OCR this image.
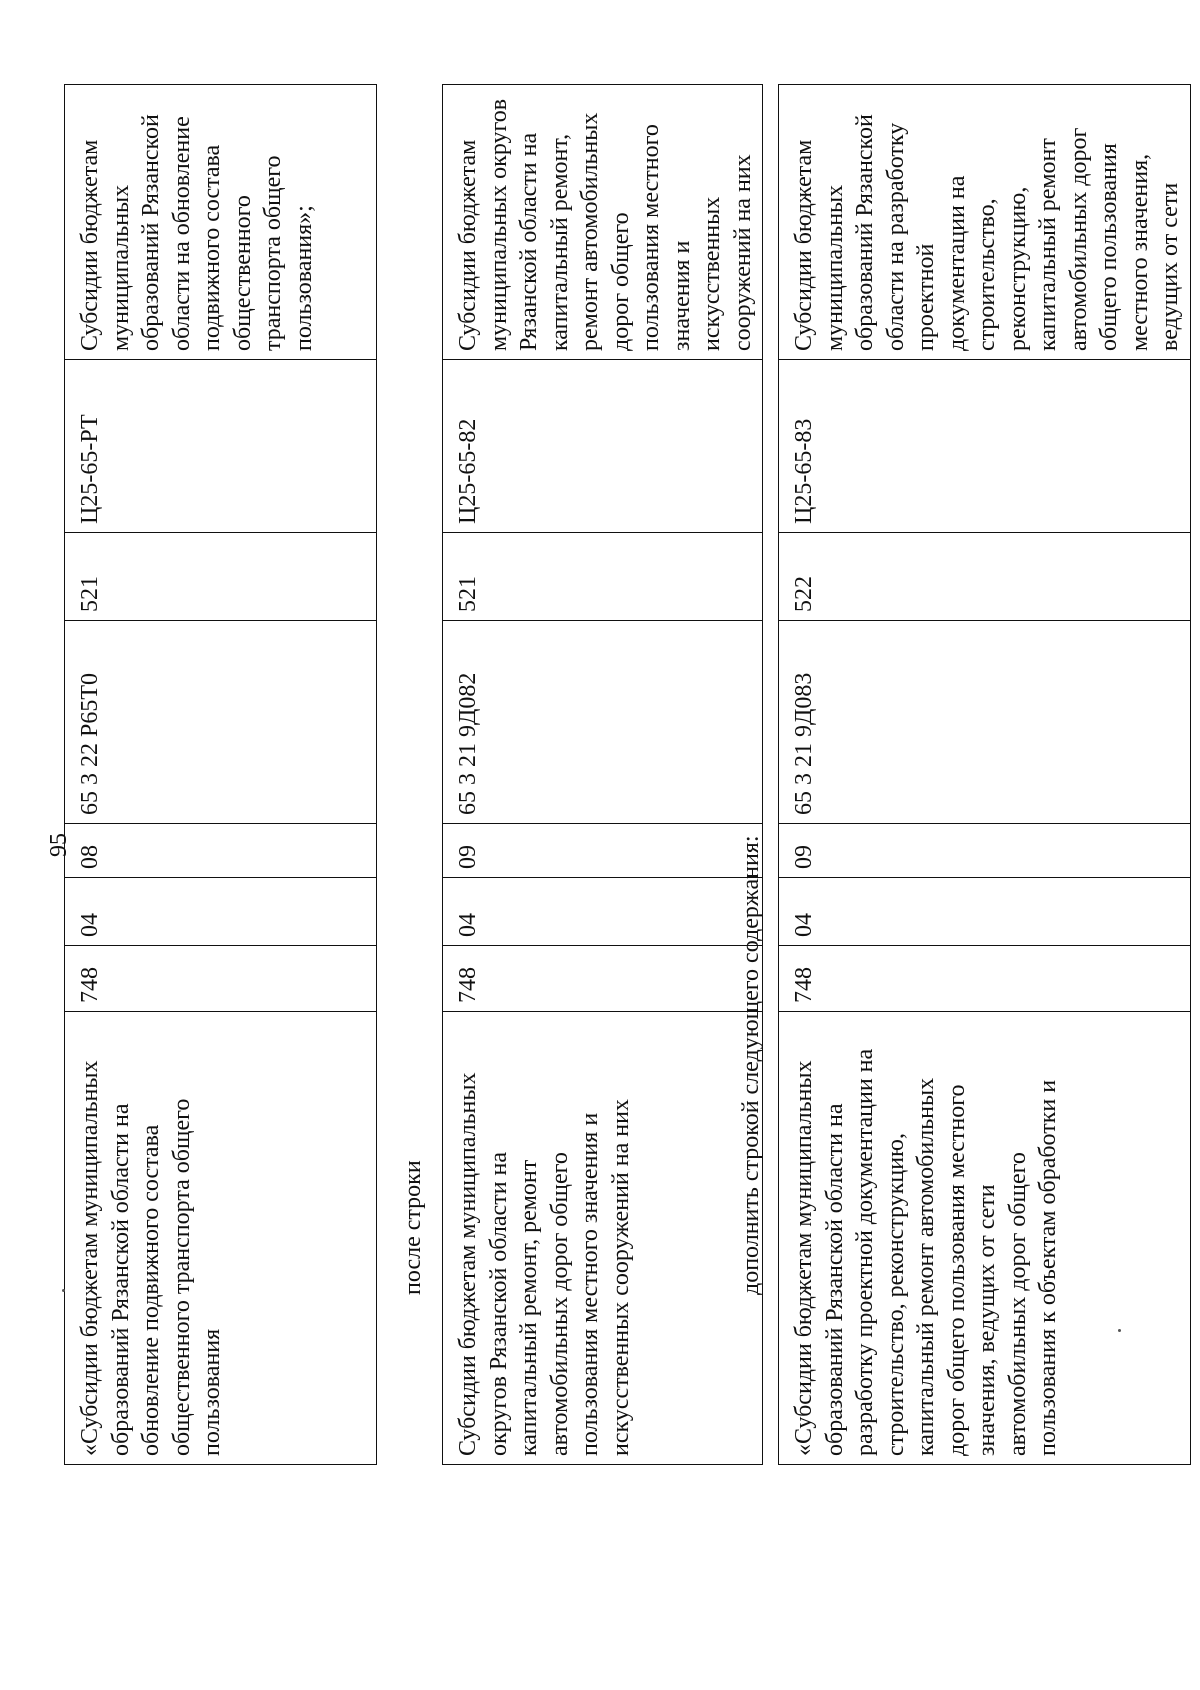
95
«Субсидии бюджетам муниципальных образований Рязанской области на обновление подвижного состава общественного транспорта общего пользования	748	04	08	65 3 22 Р65Т0	521	Ц25-65-РТ	Субсидии бюджетам муниципальных образований Рязанской области на обновление подвижного состава общественного транспорта общего пользования»;
после строки Субсидии бюджетам муниципальных округов Рязанской области на капитальный ремонт, ремонт автомобильных дорог общего пользования местного значения и искусственных сооружений на них	748	04	09	65 3 21 9Д082	521	Ц25-65-82	Субсидии бюджетам муниципальных округов Рязанской области на капитальный ремонт, ремонт автомобильных дорог общего пользования местного значения и искусственных сооружений на них
дополнить строкой следующего содержания: «Субсидии бюджетам муниципальных образований Рязанской области на разработку проектной документации на строительство, реконструкцию, капитальный ремонт автомобильных дорог общего пользования местного значения, ведущих от сети автомобильных дорог общего пользования к объектам обработки и	748	04	09	65 3 21 9Д083	522	Ц25-65-83	Субсидии бюджетам муниципальных образований Рязанской области на разработку проектной документации на строительство, реконструкцию, капитальный ремонт автомобильных дорог общего пользования местного значения, ведущих от сети
